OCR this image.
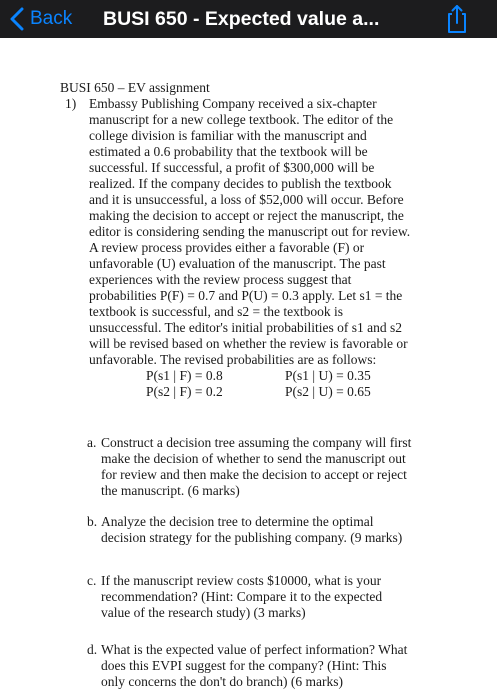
Back BUSI 650 - Expected value a...
BUSI 650 – EV assignment
1) Embassy Publishing Company received a six-chapter
manuscript for a new college textbook. The editor of the
college division is familiar with the manuscript and
estimated a 0.6 probability that the textbook will be
successful. If successful, a profit of $300,000 will be
realized. If the company decides to publish the textbook
and it is unsuccessful, a loss of $52,000 will occur. Before
making the decision to accept or reject the manuscript, the
editor is considering sending the manuscript out for review.
A review process provides either a favorable (F) or
unfavorable (U) evaluation of the manuscript. The past
experiences with the review process suggest that
probabilities P(F) = 0.7 and P(U) = 0.3 apply. Let s1 = the
textbook is successful, and s2 = the textbook is
unsuccessful. The editor's initial probabilities of s1 and s2
will be revised based on whether the review is favorable or
unfavorable. The revised probabilities are as follows:
P(s1 | F) = 0.8
P(s2 | F) = 0.2
P(s1 | U) = 0.35
P(s2 | U) = 0.65
a. Construct a decision tree assuming the company will first
make the decision of whether to send the manuscript out
for review and then make the decision to accept or reject
the manuscript. (6 marks)
b. Analyze the decision tree to determine the optimal
decision strategy for the publishing company. (9 marks)
c. If the manuscript review costs $10000, what is your
recommendation? (Hint: Compare it to the expected
value of the research study) (3 marks)
d. What is the expected value of perfect information? What
does this EVPI suggest for the company? (Hint: This
only concerns the don't do branch) (6 marks)
